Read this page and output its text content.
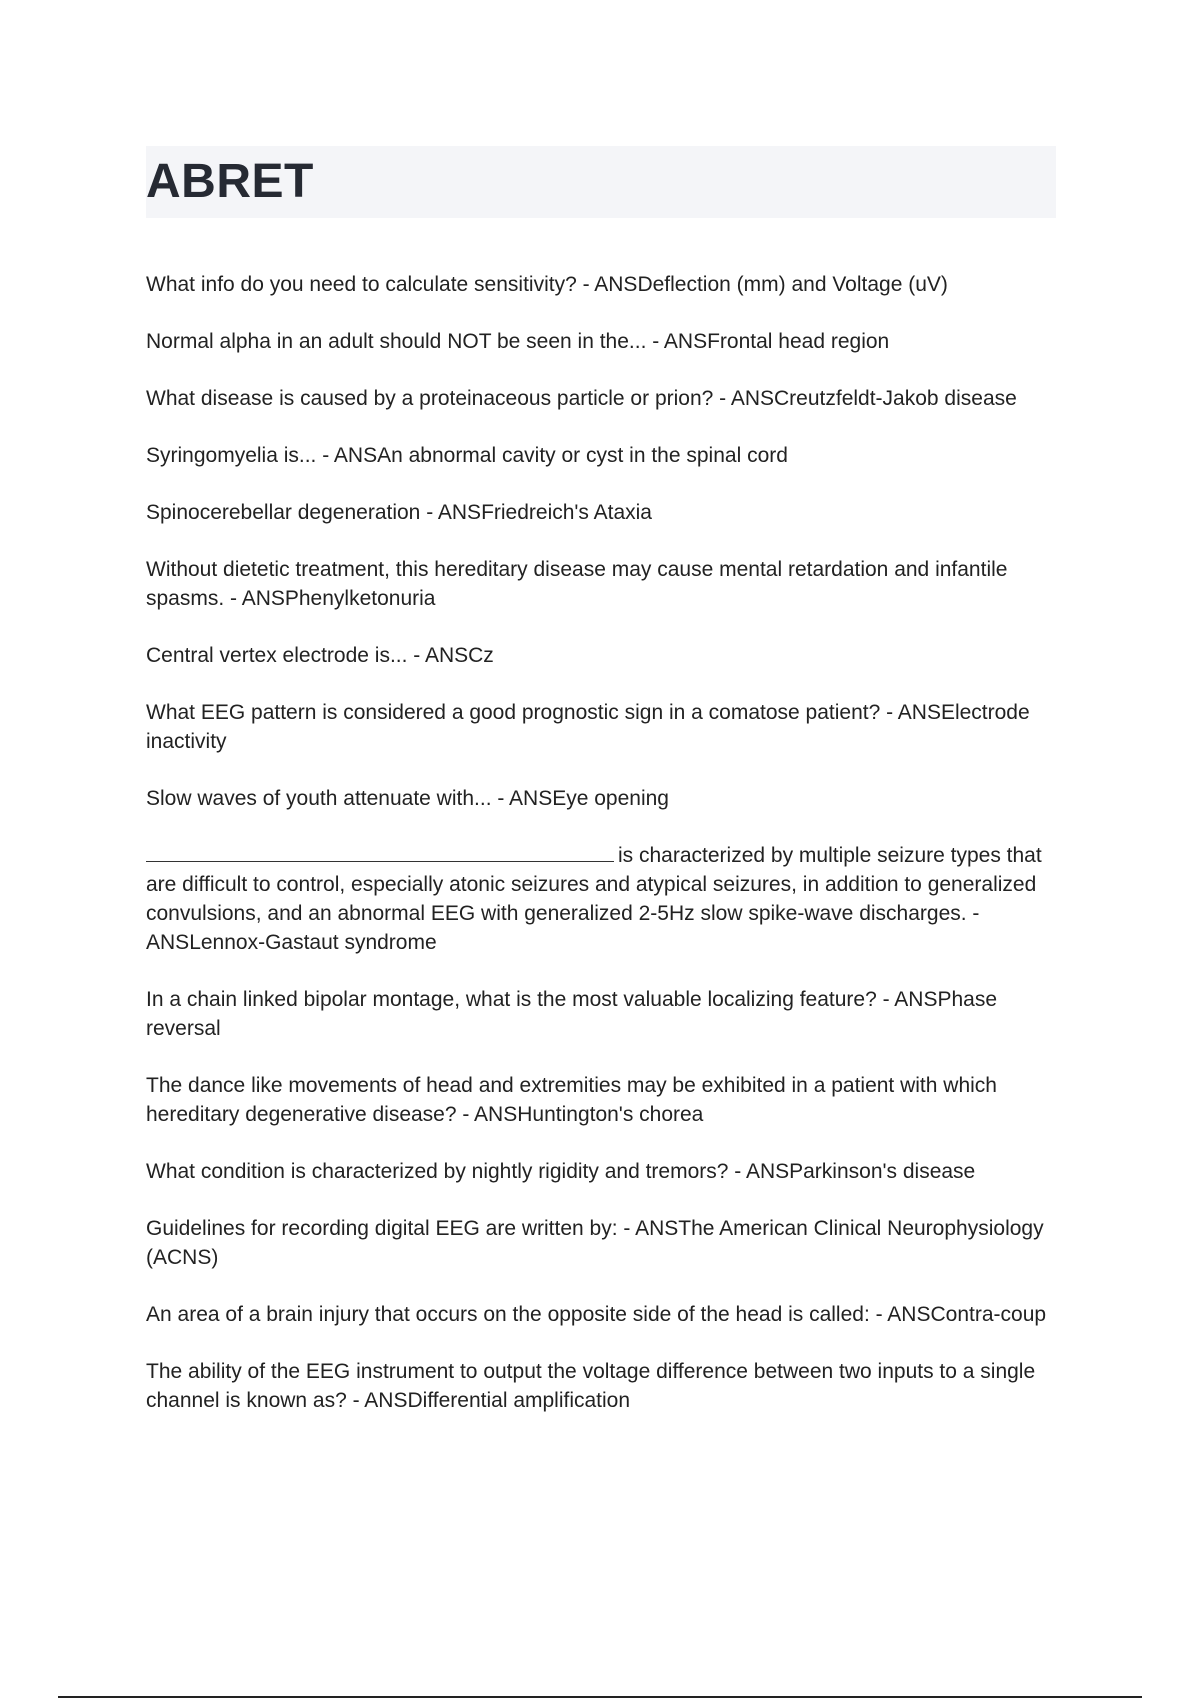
ABRET
What info do you need to calculate sensitivity? - ANSDeflection (mm) and Voltage (uV)
Normal alpha in an adult should NOT be seen in the... - ANSFrontal head region
What disease is caused by a proteinaceous particle or prion? - ANSCreutzfeldt-Jakob disease
Syringomyelia is... - ANSAn abnormal cavity or cyst in the spinal cord
Spinocerebellar degeneration - ANSFriedreich's Ataxia
Without dietetic treatment, this hereditary disease may cause mental retardation and infantile spasms. - ANSPhenylketonuria
Central vertex electrode is... - ANSCz
What EEG pattern is considered a good prognostic sign in a comatose patient? - ANSElectrode inactivity
Slow waves of youth attenuate with... - ANSEye opening
is characterized by multiple seizure types that are difficult to control, especially atonic seizures and atypical seizures, in addition to generalized convulsions, and an abnormal EEG with generalized 2-5Hz slow spike-wave discharges. - ANSLennox-Gastaut syndrome
In a chain linked bipolar montage, what is the most valuable localizing feature? - ANSPhase reversal
The dance like movements of head and extremities may be exhibited in a patient with which hereditary degenerative disease? - ANSHuntington's chorea
What condition is characterized by nightly rigidity and tremors? - ANSParkinson's disease
Guidelines for recording digital EEG are written by: - ANSThe American Clinical Neurophysiology (ACNS)
An area of a brain injury that occurs on the opposite side of the head is called: - ANSContra-coup
The ability of the EEG instrument to output the voltage difference between two inputs to a single channel is known as? - ANSDifferential amplification
